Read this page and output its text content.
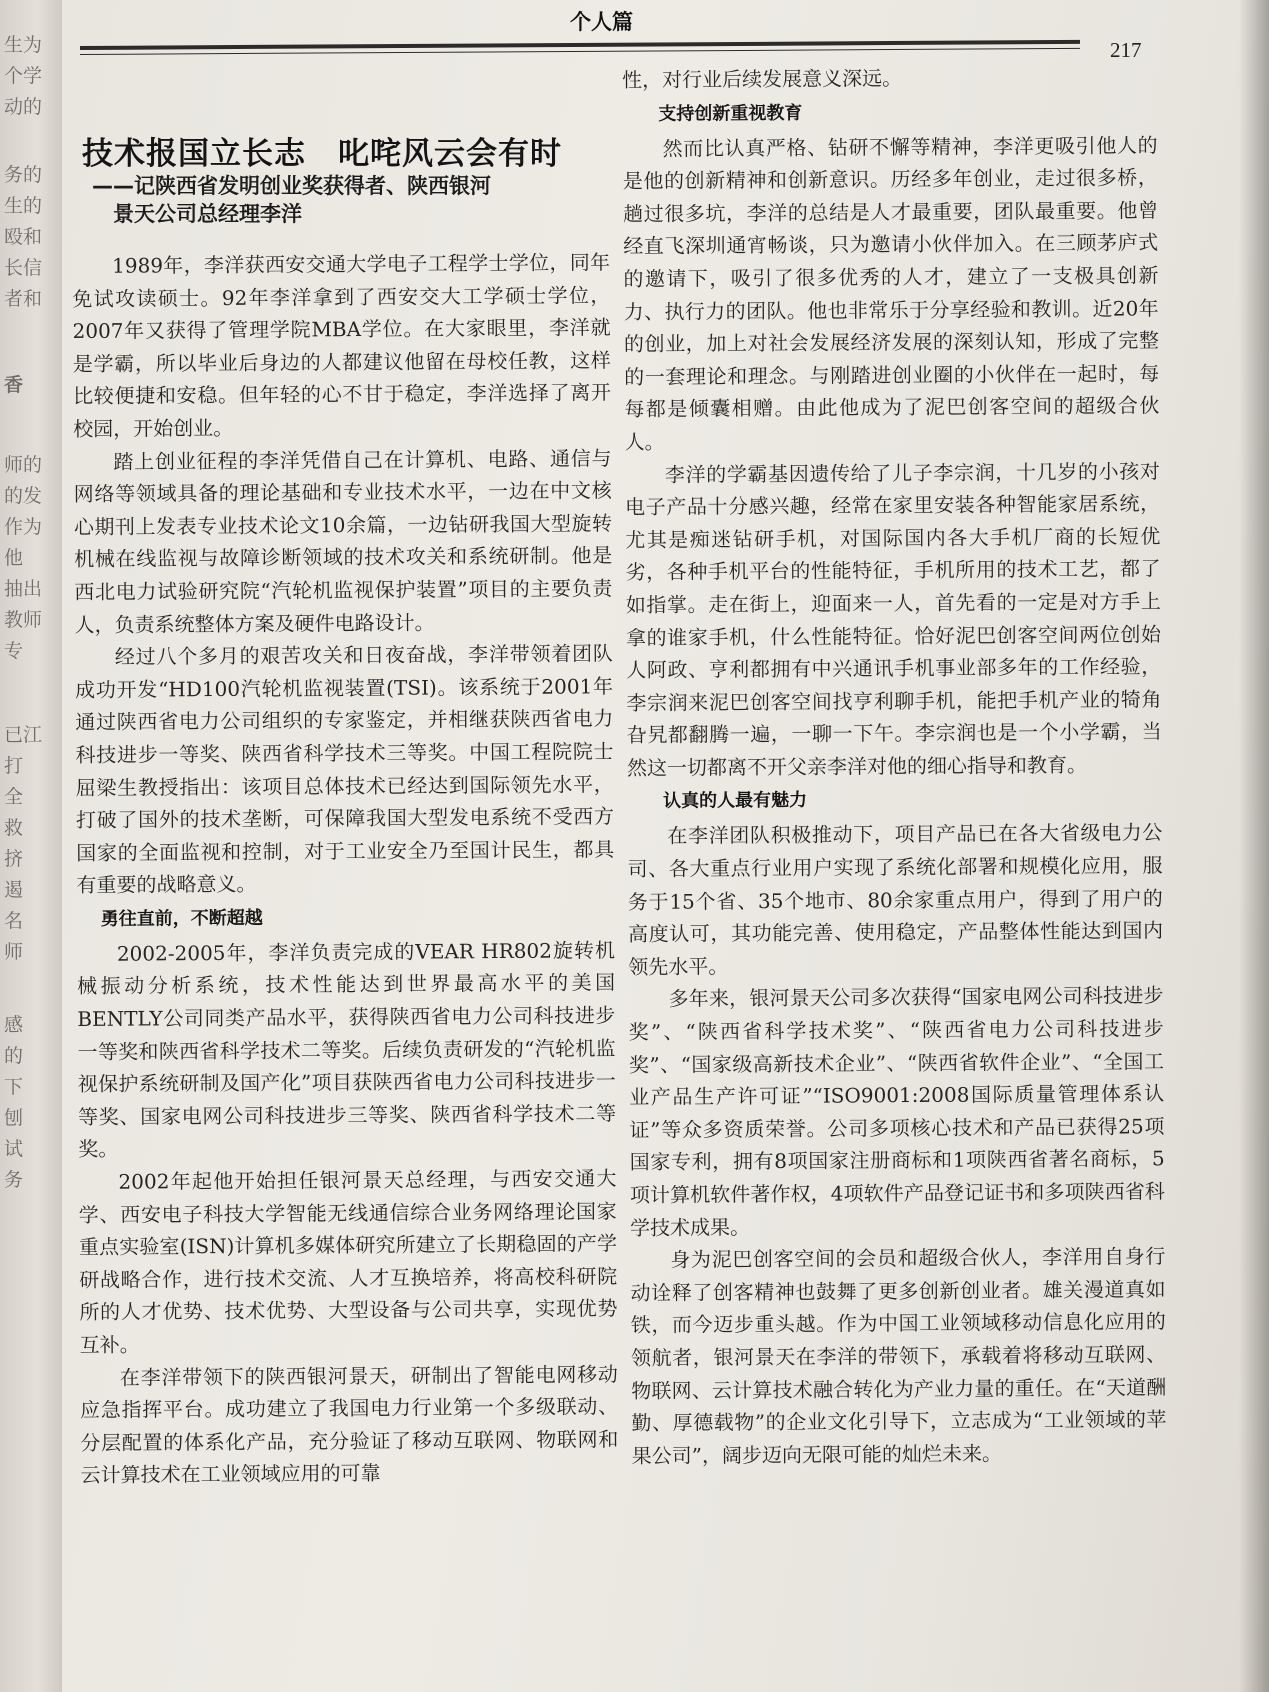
生为
个学
动的
务的
生的
殴和
长信
者和
香
师的
的发
作为
他
抽出
教师
专
已江
打
全
救
挤
遏
名
师
感
的
下
刨
试
务
个人篇
217
技术报国立长志　叱咤风云会有时
——记陕西省发明创业奖获得者、陕西银河
景天公司总经理李洋

1989年，李洋获西安交通大学电子工程学士学位，同年免试攻读硕士。92年李洋拿到了西安交大工学硕士学位，2007年又获得了管理学院MBA学位。在大家眼里，李洋就是学霸，所以毕业后身边的人都建议他留在母校任教，这样比较便捷和安稳。但年轻的心不甘于稳定，李洋选择了离开校园，开始创业。

踏上创业征程的李洋凭借自己在计算机、电路、通信与网络等领域具备的理论基础和专业技术水平，一边在中文核心期刊上发表专业技术论文10余篇，一边钻研我国大型旋转机械在线监视与故障诊断领域的技术攻关和系统研制。他是西北电力试验研究院“汽轮机监视保护装置”项目的主要负责人，负责系统整体方案及硬件电路设计。

经过八个多月的艰苦攻关和日夜奋战，李洋带领着团队成功开发“HD100汽轮机监视装置(TSI)。该系统于2001年通过陕西省电力公司组织的专家鉴定，并相继获陕西省电力科技进步一等奖、陕西省科学技术三等奖。中国工程院院士屈梁生教授指出：该项目总体技术已经达到国际领先水平，打破了国外的技术垄断，可保障我国大型发电系统不受西方国家的全面监视和控制，对于工业安全乃至国计民生，都具有重要的战略意义。

勇往直前，不断超越

2002-2005年，李洋负责完成的VEAR HR802旋转机械振动分析系统，技术性能达到世界最高水平的美国BENTLY公司同类产品水平，获得陕西省电力公司科技进步一等奖和陕西省科学技术二等奖。后续负责研发的“汽轮机监视保护系统研制及国产化”项目获陕西省电力公司科技进步一等奖、国家电网公司科技进步三等奖、陕西省科学技术二等奖。

2002年起他开始担任银河景天总经理，与西安交通大学、西安电子科技大学智能无线通信综合业务网络理论国家重点实验室(ISN)计算机多媒体研究所建立了长期稳固的产学研战略合作，进行技术交流、人才互换培养，将高校科研院所的人才优势、技术优势、大型设备与公司共享，实现优势互补。

在李洋带领下的陕西银河景天，研制出了智能电网移动应急指挥平台。成功建立了我国电力行业第一个多级联动、分层配置的体系化产品，充分验证了移动互联网、物联网和云计算技术在工业领域应用的可靠

性，对行业后续发展意义深远。

支持创新重视教育

然而比认真严格、钻研不懈等精神，李洋更吸引他人的是他的创新精神和创新意识。历经多年创业，走过很多桥，趟过很多坑，李洋的总结是人才最重要，团队最重要。他曾经直飞深圳通宵畅谈，只为邀请小伙伴加入。在三顾茅庐式的邀请下，吸引了很多优秀的人才，建立了一支极具创新力、执行力的团队。他也非常乐于分享经验和教训。近20年的创业，加上对社会发展经济发展的深刻认知，形成了完整的一套理论和理念。与刚踏进创业圈的小伙伴在一起时，每每都是倾囊相赠。由此他成为了泥巴创客空间的超级合伙人。

李洋的学霸基因遗传给了儿子李宗润，十几岁的小孩对电子产品十分感兴趣，经常在家里安装各种智能家居系统，尤其是痴迷钻研手机，对国际国内各大手机厂商的长短优劣，各种手机平台的性能特征，手机所用的技术工艺，都了如指掌。走在街上，迎面来一人，首先看的一定是对方手上拿的谁家手机，什么性能特征。恰好泥巴创客空间两位创始人阿政、亨利都拥有中兴通讯手机事业部多年的工作经验，李宗润来泥巴创客空间找亨利聊手机，能把手机产业的犄角旮旯都翻腾一遍，一聊一下午。李宗润也是一个小学霸，当然这一切都离不开父亲李洋对他的细心指导和教育。

认真的人最有魅力

在李洋团队积极推动下，项目产品已在各大省级电力公司、各大重点行业用户实现了系统化部署和规模化应用，服务于15个省、35个地市、80余家重点用户，得到了用户的高度认可，其功能完善、使用稳定，产品整体性能达到国内领先水平。

多年来，银河景天公司多次获得“国家电网公司科技进步奖”、“陕西省科学技术奖”、“陕西省电力公司科技进步奖”、“国家级高新技术企业”、“陕西省软件企业”、“全国工业产品生产许可证”“ISO9001:2008国际质量管理体系认证”等众多资质荣誉。公司多项核心技术和产品已获得25项国家专利，拥有8项国家注册商标和1项陕西省著名商标，5项计算机软件著作权，4项软件产品登记证书和多项陕西省科学技术成果。

身为泥巴创客空间的会员和超级合伙人，李洋用自身行动诠释了创客精神也鼓舞了更多创新创业者。雄关漫道真如铁，而今迈步重头越。作为中国工业领域移动信息化应用的领航者，银河景天在李洋的带领下，承载着将移动互联网、物联网、云计算技术融合转化为产业力量的重任。在“天道酬勤、厚德载物”的企业文化引导下，立志成为“工业领域的苹果公司”，阔步迈向无限可能的灿烂未来。
